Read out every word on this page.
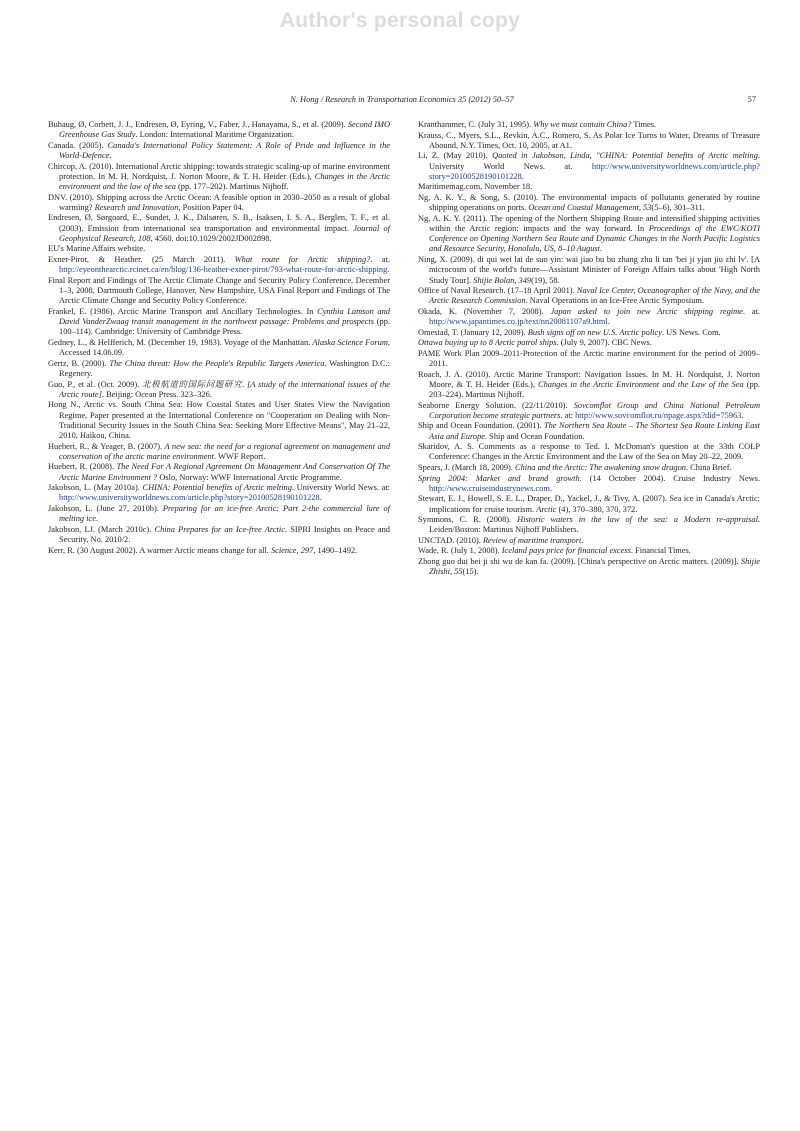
Author's personal copy
N. Hong / Research in Transportation Economics 35 (2012) 50–57	57
Buhaug, Ø, Corbett, J. J., Endresen, Ø, Eyring, V., Faber, J., Hanayama, S., et al. (2009). Second IMO Greenhouse Gas Study. London: International Maritime Organization.
Canada. (2005). Canada's International Policy Statement: A Role of Pride and Influence in the World-Defence.
Chircop, A. (2010). International Arctic shipping: towards strategic scaling-up of marine environment protection. In M. H. Nordquist, J. Norton Moore, & T. H. Heider (Eds.), Changes in the Arctic environment and the law of the sea (pp. 177–202). Martinus Nijhoff.
DNV. (2010). Shipping across the Arctic Ocean: A feasible option in 2030–2050 as a result of global warming? Research and Innovation, Position Paper 04.
Endresen, Ø, Sørgoard, E., Sundet, J. K., Dalsøren, S. B., Isaksen, I. S. A., Berglen, T. F., et al. (2003). Emission from international sea transportation and environmental impact. Journal of Geophysical Research, 108, 4560. doi:10.1029/2002JD002898.
EU's Marine Affairs website.
Exner-Pirot, & Heather. (25 March 2011). What route for Arctic shipping?. at. http://eyeonthearctic.rcinet.ca/en/blog/136-heather-exner-pirot/793-what-route-for-arctic-shipping.
Final Report and Findings of The Arctic Climate Change and Security Policy Conference, December 1–3, 2008, Dartmouth College, Hanover, New Hampshire, USA Final Report and Findings of The Arctic Climate Change and Security Policy Conference.
Frankel, E. (1986). Arctic Marine Transport and Ancillary Technologies. In Cynthia Lamson and David VanderZwaag transit management in the northwest passage: Problems and prospects (pp. 100–114). Cambridge: University of Cambridge Press.
Gedney, L., & Helfferich, M. (December 19, 1983). Voyage of the Manhattan. Alaska Science Forum, Accessed 14.06.09.
Gertz, B. (2000). The China threat: How the People's Republic Targets America. Washington D.C.: Regenery.
Guo, P., et al. (Oct. 2009). 北极航道的国际问题研究. [A study of the international issues of the Arctic route]. Beijing: Ocean Press. 323–326.
Hong N., Arctic vs. South China Sea: How Coastal States and User States View the Navigation Regime, Paper presented at the International Conference on "Cooperation on Dealing with Non-Traditional Security Issues in the South China Sea: Seeking More Effective Means", May 21–22, 2010, Haikou, China.
Huebert, R., & Yeager, B. (2007). A new sea: the need for a regional agreement on management and conservation of the arctic marine environment. WWF Report.
Huebert, R. (2008). The Need For A Regional Agreement On Management And Conservation Of The Arctic Marine Environment ? Oslo, Norway: WWF International Arctic Programme.
Jakobson, L. (May 2010a). CHINA: Potential benefits of Arctic melting. University World News. at: http://www.universityworldnews.com/article.php?story=20100528190101228.
Jakobson, L. (June 27, 2010b). Preparing for an ice-free Arctic: Part 2-the commercial lure of melting ice.
Jakobson, LJ. (March 2010c). China Prepares for an Ice-free Arctic. SIPRI Insights on Peace and Security, No. 2010/2.
Kerr, R. (30 August 2002). A warmer Arctic means change for all. Science, 297, 1490–1492.
Kranthammer, C. (July 31, 1995). Why we must contain China? Times.
Krauss, C., Myers, S.L., Revkin, A.C., Romero, S. As Polar Ice Turns to Water, Dreams of Treasure Abound, N.Y. Times, Oct. 10, 2005, at A1.
Li, Z. (May 2010). Quoted in Jakobson, Linda, "CHINA: Potential benefits of Arctic melting. University World News. at. http://www.universityworldnews.com/article.php?story=20100528190101228.
Maritimemag.com, November 18.
Ng, A. K. Y., & Song, S. (2010). The environmental impacts of pollutants generated by routine shipping operations on ports. Ocean and Coastal Management, 53(5–6), 301–311.
Ng, A. K. Y. (2011). The opening of the Northern Shipping Route and intensified shipping activities within the Arctic region: impacts and the way forward. In Proceedings of the EWC/KOTI Conference on Opening Northern Sea Route and Dynamic Changes in the North Pacific Logistics and Resource Security, Honolulu, US, 8–10 August.
Ning, X. (2009). di qui wei lai de suo yin: wai jiao bu bu zhang zhu li tan 'bei ji yjan jiu zhi lv'. [A microcosm of the world's future—Assistant Minister of Foreign Affairs talks about 'High North Study Tour]. Shijie Bolan, 349(19), 58.
Office of Naval Research. (17–18 April 2001). Naval Ice Center, Oceanographer of the Navy, and the Arctic Research Commission. Naval Operations in an Ice-Free Arctic Symposium.
Okada, K. (November 7, 2008). Japan asked to join new Arctic shipping regime. at. http://www.japantimes.co.jp/text/nn20081107a9.html.
Omestad, T. (January 12, 2009). Bush signs off on new U.S. Arctic policy. US News. Com.
Ottawa buying up to 8 Arctic patrol ships. (July 9, 2007). CBC News.
PAME Work Plan 2009–2011-Protection of the Arctic marine environment for the period of 2009–2011.
Roach, J. A. (2010). Arctic Marine Transport: Navigation Issues. In M. H. Nordquist, J. Norton Moore, & T. H. Heider (Eds.), Changes in the Arctic Environment and the Law of the Sea (pp. 203–224). Martinus Nijhoff.
Seaborne Energy Solution. (22/11/2010). Sovcomflot Group and China National Petroleum Corporation become strategic partners. at: http://www.sovcomflot.ru/npage.aspx?did=75963.
Ship and Ocean Foundation. (2001). The Northern Sea Route – The Shortest Sea Route Linking East Asia and Europe. Ship and Ocean Foundation.
Skaridov, A. S. Comments as a response to Ted. I. McDoman's question at the 33th COLP Conference: Changes in the Arctic Environment and the Law of the Sea on May 20–22, 2009.
Spears, J. (March 18, 2009). China and the Arctic: The awakening snow dragon. China Brief.
Spring 2004: Market and brand growth. (14 October 2004). Cruise Industry News. http://www.cruiseindustrynews.com.
Stewart, E. J., Howell, S. E. L., Draper, D., Yackel, J., & Tivy, A. (2007). Sea ice in Canada's Arctic: implications for cruise tourism. Arctic (4), 370–380, 370, 372.
Symmons, C. R. (2008). Historic waters in the law of the sea: a Modern re-appraisal. Leiden/Boston: Martinus Nijhoff Publishers.
UNCTAD. (2010). Review of maritime transport.
Wade, R. (July 1, 2008). Iceland pays price for financial excess. Financial Times.
Zhong guo dui bei ji shi wu de kan fa. (2009). [China's perspective on Arctic matters. (2009)]. Shijie Zhishi, 55(15).
